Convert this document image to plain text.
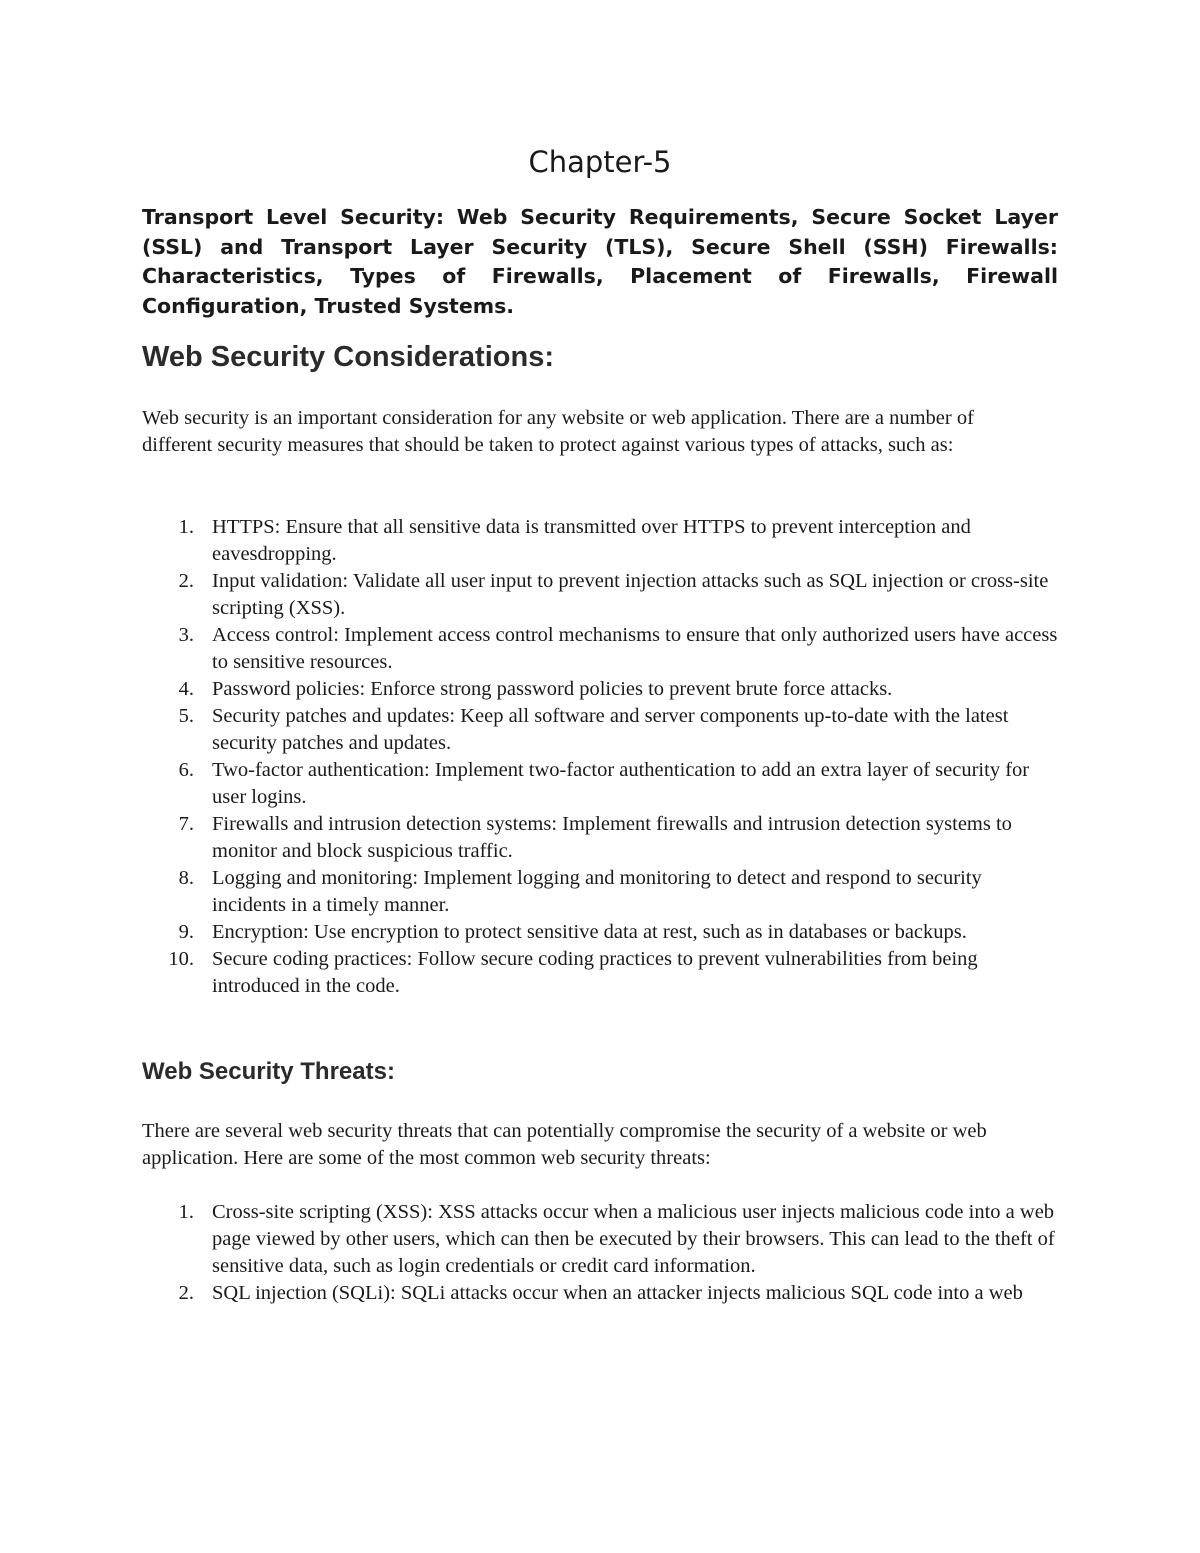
Chapter-5

Transport Level Security: Web Security Requirements, Secure Socket Layer (SSL) and Transport Layer Security (TLS), Secure Shell (SSH) Firewalls: Characteristics, Types of Firewalls, Placement of Firewalls, Firewall Configuration, Trusted Systems.

Web Security Considerations:

Web security is an important consideration for any website or web application. There are a number of different security measures that should be taken to protect against various types of attacks, such as:

1. HTTPS: Ensure that all sensitive data is transmitted over HTTPS to prevent interception and eavesdropping.
2. Input validation: Validate all user input to prevent injection attacks such as SQL injection or cross-site scripting (XSS).
3. Access control: Implement access control mechanisms to ensure that only authorized users have access to sensitive resources.
4. Password policies: Enforce strong password policies to prevent brute force attacks.
5. Security patches and updates: Keep all software and server components up-to-date with the latest security patches and updates.
6. Two-factor authentication: Implement two-factor authentication to add an extra layer of security for user logins.
7. Firewalls and intrusion detection systems: Implement firewalls and intrusion detection systems to monitor and block suspicious traffic.
8. Logging and monitoring: Implement logging and monitoring to detect and respond to security incidents in a timely manner.
9. Encryption: Use encryption to protect sensitive data at rest, such as in databases or backups.
10. Secure coding practices: Follow secure coding practices to prevent vulnerabilities from being introduced in the code.
Web Security Threats:

There are several web security threats that can potentially compromise the security of a website or web application. Here are some of the most common web security threats:

1. Cross-site scripting (XSS): XSS attacks occur when a malicious user injects malicious code into a web page viewed by other users, which can then be executed by their browsers. This can lead to the theft of sensitive data, such as login credentials or credit card information.
2. SQL injection (SQLi): SQLi attacks occur when an attacker injects malicious SQL code into a web
